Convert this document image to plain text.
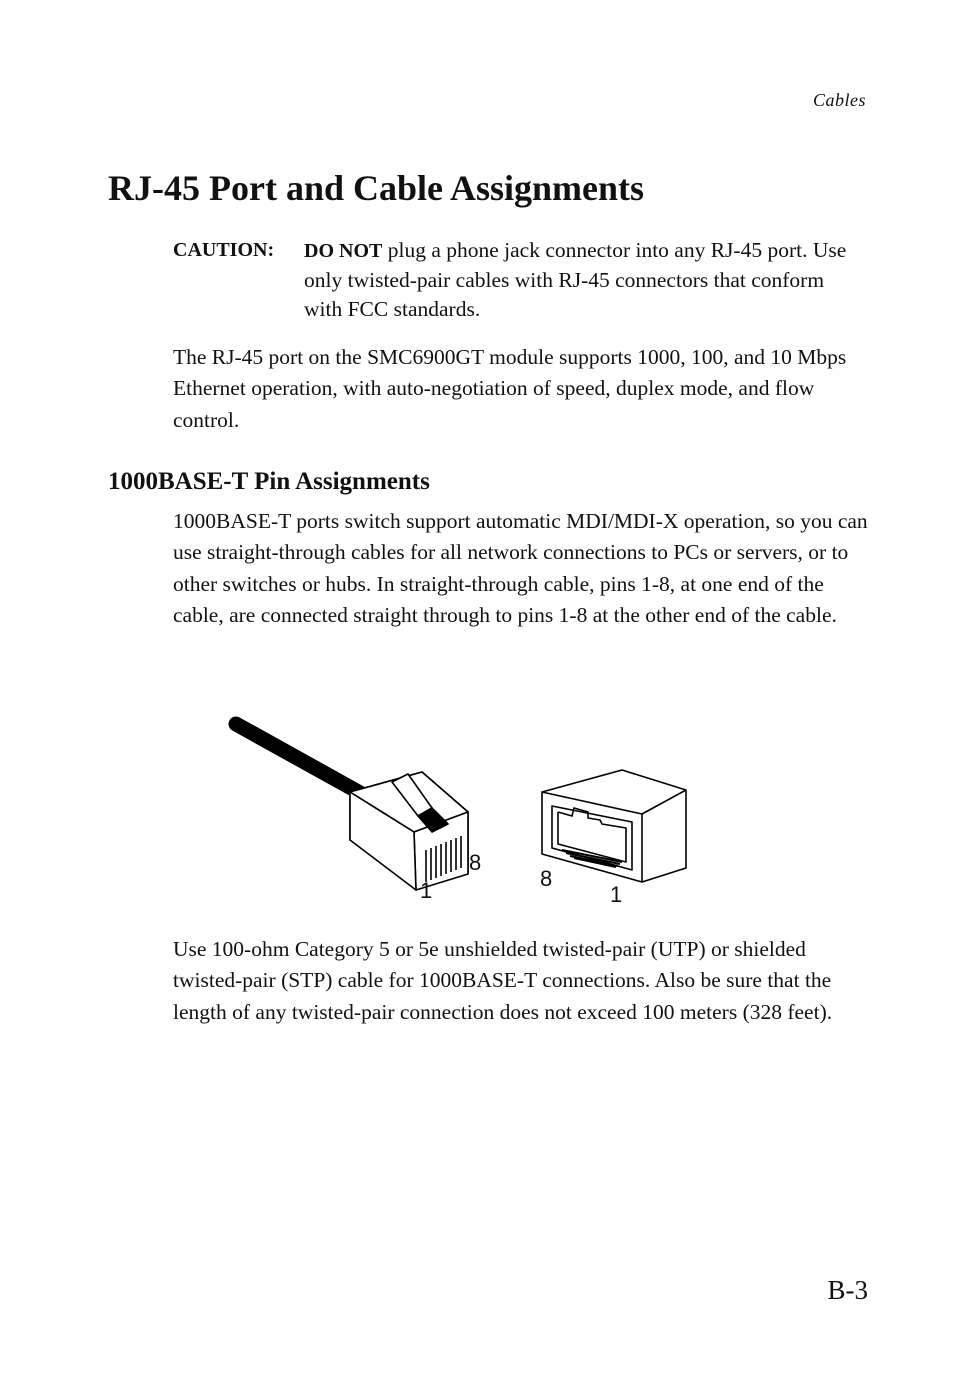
Cables
RJ-45 Port and Cable Assignments
CAUTION:	DO NOT plug a phone jack connector into any RJ-45 port. Use only twisted-pair cables with RJ-45 connectors that conform with FCC standards.

The RJ-45 port on the SMC6900GT module supports 1000, 100, and 10 Mbps Ethernet operation, with auto-negotiation of speed, duplex mode, and flow control.

1000BASE-T Pin Assignments

1000BASE-T ports switch support automatic MDI/MDI-X operation, so you can use straight-through cables for all network connections to PCs or servers, or to other switches or hubs. In straight-through cable, pins 1-8, at one end of the cable, are connected straight through to pins 1-8 at the other end of the cable.

1
8
8
1

Use 100-ohm Category 5 or 5e unshielded twisted-pair (UTP) or shielded twisted-pair (STP) cable for 1000BASE-T connections. Also be sure that the length of any twisted-pair connection does not exceed 100 meters (328 feet).

B-3
